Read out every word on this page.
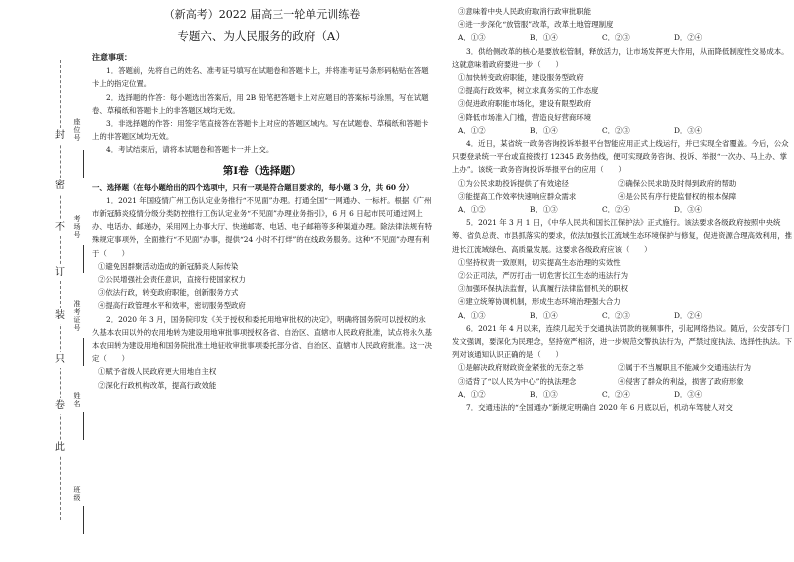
封
密
不
订
装
只
卷
此
座位号
考场号
准考证号
姓名
班级

（新高考）2022 届高三一轮单元训练卷

专题六、为人民服务的政府（A）

注意事项：

1．答题前，先将自己的姓名、准考证号填写在试题卷和答题卡上，并将准考证号条形码粘贴在答题卡上的指定位置。

2．选择题的作答：每小题选出答案后，用 2B 铅笔把答题卡上对应题目的答案标号涂黑，写在试题卷、草稿纸和答题卡上的非答题区域均无效。

3．非选择题的作答：用签字笔直接答在答题卡上对应的答题区域内。写在试题卷、草稿纸和答题卡上的非答题区域均无效。

4．考试结束后，请将本试题卷和答题卡一并上交。

第Ⅰ卷（选择题）

一、选择题（在每小题给出的四个选项中，只有一项是符合题目要求的，每小题 3 分，共 60 分）

1．2021 年国疫情广州工伤认定业务推行“不见面”办理。打通全国“一网通办、一标杆。根据《广州市新冠肺炎疫情分级分类防控推行工伤认定业务“不见面”办理业务指引》，6 月 6 日起市民可通过网上办、电话办、邮递办，采用网上办事大厅、快递邮寄、电话、电子邮箱等多种渠道办理。除法律法规有特殊规定事项外，全面推行“不见面”办事，提供“24 小时不打烊”的在线政务服务。这种“不见面”办理有利于（　　）

①避免因群聚活动造成的新冠肺炎人际传染

②公民增强社会责任意识，直接行使国家权力

③依法行政，转变政府职能，创新服务方式

④提高行政管理水平和效率，密切服务型政府

2．2020 年 3 月，国务院印发《关于授权和委托用地审批权的决定》，明确将国务院可以授权的永久基本农田以外的农用地转为建设用地审批事项授权各省、自治区、直辖市人民政府批准，试点将永久基本农田转为建设用地和国务院批准土地征收审批事项委托部分省、自治区、直辖市人民政府批准。这一决定（　　）

①赋予省级人民政府更大用地自主权

②深化行政机构改革，提高行政效能

③意味着中央人民政府取消行政审批职能

④进一步深化“放管服”改革，改革土地管理制度

A．①③	B．①④	C．②③	D．②④

3．供给侧改革的核心是要放松管制，释放活力，让市场发挥更大作用，从而降低制度性交易成本。这就意味着政府要进一步（　　）

①加快转变政府职能，建设服务型政府

②提高行政效率，树立求真务实的工作态度

③促进政府职能市场化，建设有限型政府

④降低市场准入门槛，营造良好营商环境

A．①②	B．①④	C．②③	D．③④

4．近日，某省统一政务咨询投诉举报平台智能应用正式上线运行，并已实现全省覆盖。今后，公众只要登录统一平台或直接拨打 12345 政务热线，便可实现政务咨询、投诉、举报“一次办、马上办、掌上办”。该统一政务咨询投诉举报平台的应用（　　）

①为公民求助投诉提供了有效途径	②确保公民求助及时得到政府的帮助

③能提高工作效率快速响应群众需求	④是公民有序行使监督权的根本保障

A．①②	B．①③	C．②④	D．③④

5．2021 年 3 月 1 日，《中华人民共和国长江保护法》正式施行。该法要求各级政府按照中央统筹、省负总责、市县抓落实的要求，依法加强长江流域生态环境保护与修复，促进资源合理高效利用，推进长江流域绿色、高质量发展。这要求各级政府应该（　　）

①坚持权责一致原则，切实提高生态治理的实效性

②公正司法，严厉打击一切危害长江生态的违法行为

③加强环保执法监督，认真履行法律监督机关的职权

④建立统筹协调机制，形成生态环境治理强大合力

A．①③	B．①④	C．②③	D．②④

6．2021 年 4 月以来，连续几起关于交通执法罚款的视频事件，引起网络热议。随后，公安部专门发文强调，要深化为民理念，坚持宽严相济，进一步规范交警执法行为，严禁过度执法、选择性执法。下列对该通知认识正确的是（　　）

①是解决政府财政资金紧张的无奈之举	②属于不当履职且不能减少交通违法行为

③适背了“以人民为中心”的执法理念	④侵害了群众的利益，损害了政府形象

A．①②	B．①③	C．②④	D．③④

7．交通违法的“全国通办”新规定明确自 2020 年 6 月底以后，机动车驾驶人对交
